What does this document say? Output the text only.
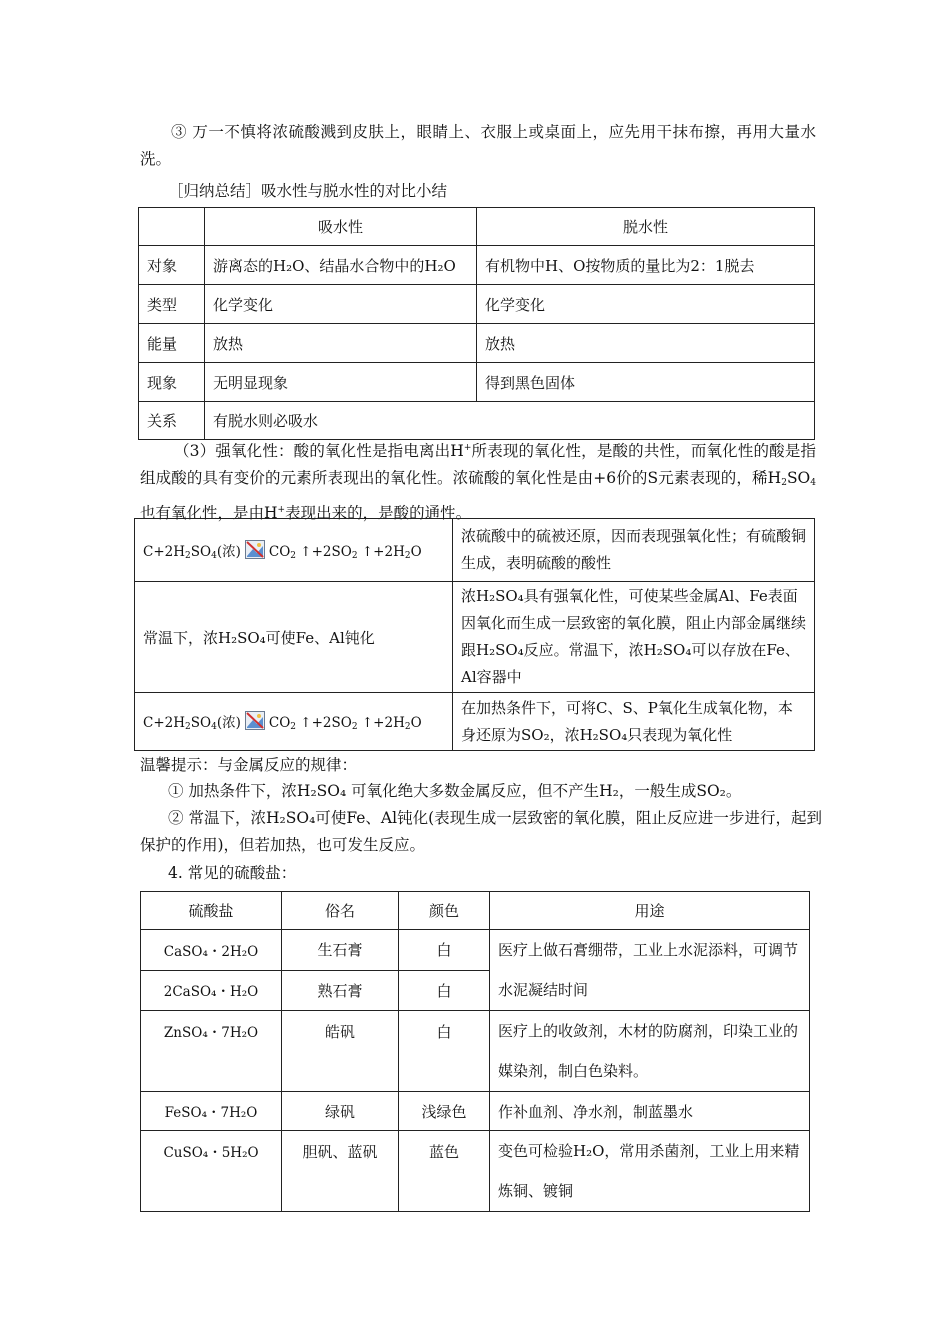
③ 万一不慎将浓硫酸溅到皮肤上，眼睛上、衣服上或桌面上，应先用干抹布擦，再用大量水洗。
［归纳总结］吸水性与脱水性的对比小结
	吸水性	脱水性
对象	游离态的H₂O、结晶水合物中的H₂O	有机物中H、O按物质的量比为2：1脱去
类型	化学变化	化学变化
能量	放热	放热
现象	无明显现象	得到黑色固体
关系	有脱水则必吸水	
（3）强氧化性：酸的氧化性是指电离出H+所表现的氧化性，是酸的共性，而氧化性的酸是指组成酸的具有变价的元素所表现出的氧化性。浓硫酸的氧化性是由+6价的S元素表现的，稀$H_2SO_4$也有氧化性，是由H+表现出来的，是酸的通性。
$C+2H_2SO_4$(浓) $CO_2$ $↑+2SO_2$ $↑+2H_2O$	浓硫酸中的硫被还原，因而表现强氧化性；有硫酸铜生成，表明硫酸的酸性
常温下，浓H₂SO₄可使Fe、Al钝化	浓H₂SO₄具有强氧化性，可使某些金属Al、Fe表面因氧化而生成一层致密的氧化膜，阻止内部金属继续跟H₂SO₄反应。常温下，浓H₂SO₄可以存放在Fe、Al容器中
$C+2H_2SO_4$(浓) $CO_2$ $↑+2SO_2$ $↑+2H_2O$	在加热条件下，可将C、S、P氧化生成氧化物，本身还原为SO₂，浓H₂SO₄只表现为氧化性
温馨提示：与金属反应的规律：
① 加热条件下，浓H₂SO₄ 可氧化绝大多数金属反应，但不产生H₂，一般生成SO₂。
② 常温下，浓H₂SO₄可使Fe、Al钝化(表现生成一层致密的氧化膜，阻止反应进一步进行，起到保护的作用)，但若加热，也可发生反应。
4. 常见的硫酸盐：
硫酸盐	俗名	颜色	用途
CaSO₄・2H₂O	生石膏	白	医疗上做石膏绷带，工业上水泥添料，可调节水泥凝结时间
2CaSO₄・H₂O	熟石膏	白	
ZnSO₄・7H₂O	皓矾	白	医疗上的收敛剂，木材的防腐剂，印染工业的媒染剂，制白色染料。
FeSO₄・7H₂O	绿矾	浅绿色	作补血剂、净水剂，制蓝墨水
CuSO₄・5H₂O	胆矾、蓝矾	蓝色	变色可检验H₂O，常用杀菌剂，工业上用来精炼铜、镀铜
